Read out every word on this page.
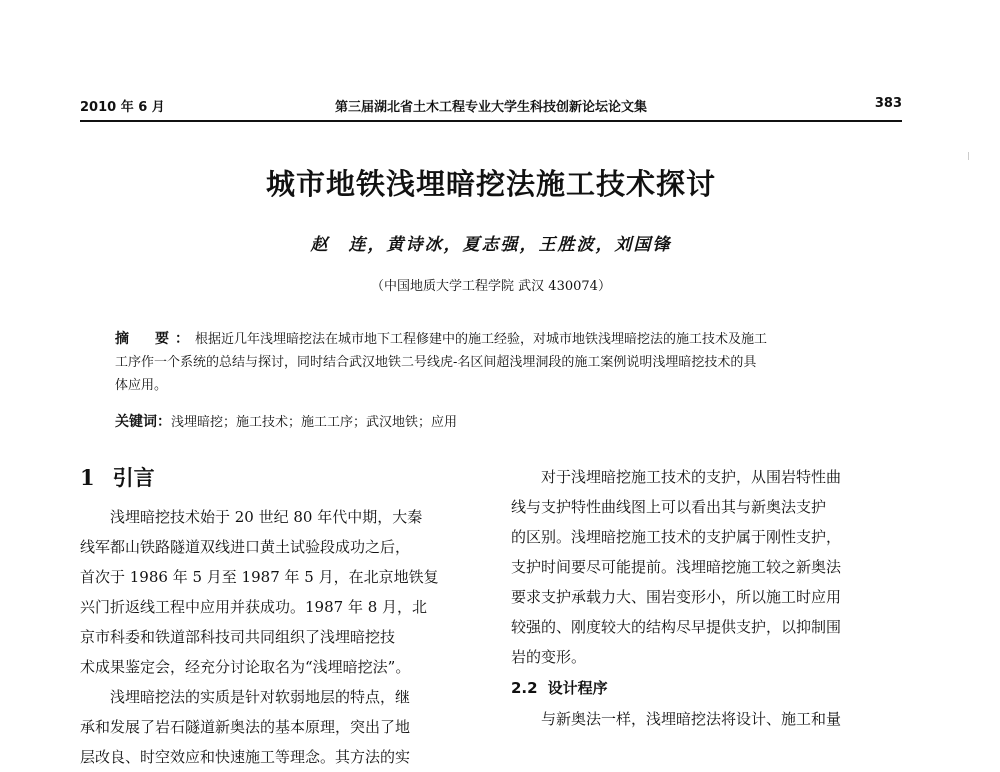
2010 年 6 月	第三届湖北省土木工程专业大学生科技创新论坛论文集	383
城市地铁浅埋暗挖法施工技术探讨
赵　连，黄诗冰，夏志强，王胜波，刘国锋
（中国地质大学工程学院 武汉 430074）
摘　要：根据近几年浅埋暗挖法在城市地下工程修建中的施工经验，对城市地铁浅埋暗挖法的施工技术及施工
工序作一个系统的总结与探讨，同时结合武汉地铁二号线虎-名区间超浅埋洞段的施工案例说明浅埋暗挖技术的具
体应用。
关键词：浅埋暗挖；施工技术；施工工序；武汉地铁；应用
1 引言
浅埋暗挖技术始于 20 世纪 80 年代中期，大秦
线军都山铁路隧道双线进口黄土试验段成功之后，
首次于 1986 年 5 月至 1987 年 5 月，在北京地铁复
兴门折返线工程中应用并获成功。1987 年 8 月，北
京市科委和铁道部科技司共同组织了浅埋暗挖技
术成果鉴定会，经充分讨论取名为“浅埋暗挖法”。
浅埋暗挖法的实质是针对软弱地层的特点，继
承和发展了岩石隧道新奥法的基本原理，突出了地
层改良、时空效应和快速施工等理念。其方法的实
对于浅埋暗挖施工技术的支护，从围岩特性曲
线与支护特性曲线图上可以看出其与新奥法支护
的区别。浅埋暗挖施工技术的支护属于刚性支护，
支护时间要尽可能提前。浅埋暗挖施工较之新奥法
要求支护承载力大、围岩变形小，所以施工时应用
较强的、刚度较大的结构尽早提供支护，以抑制围
岩的变形。
2.2 设计程序
与新奥法一样，浅埋暗挖法将设计、施工和量
